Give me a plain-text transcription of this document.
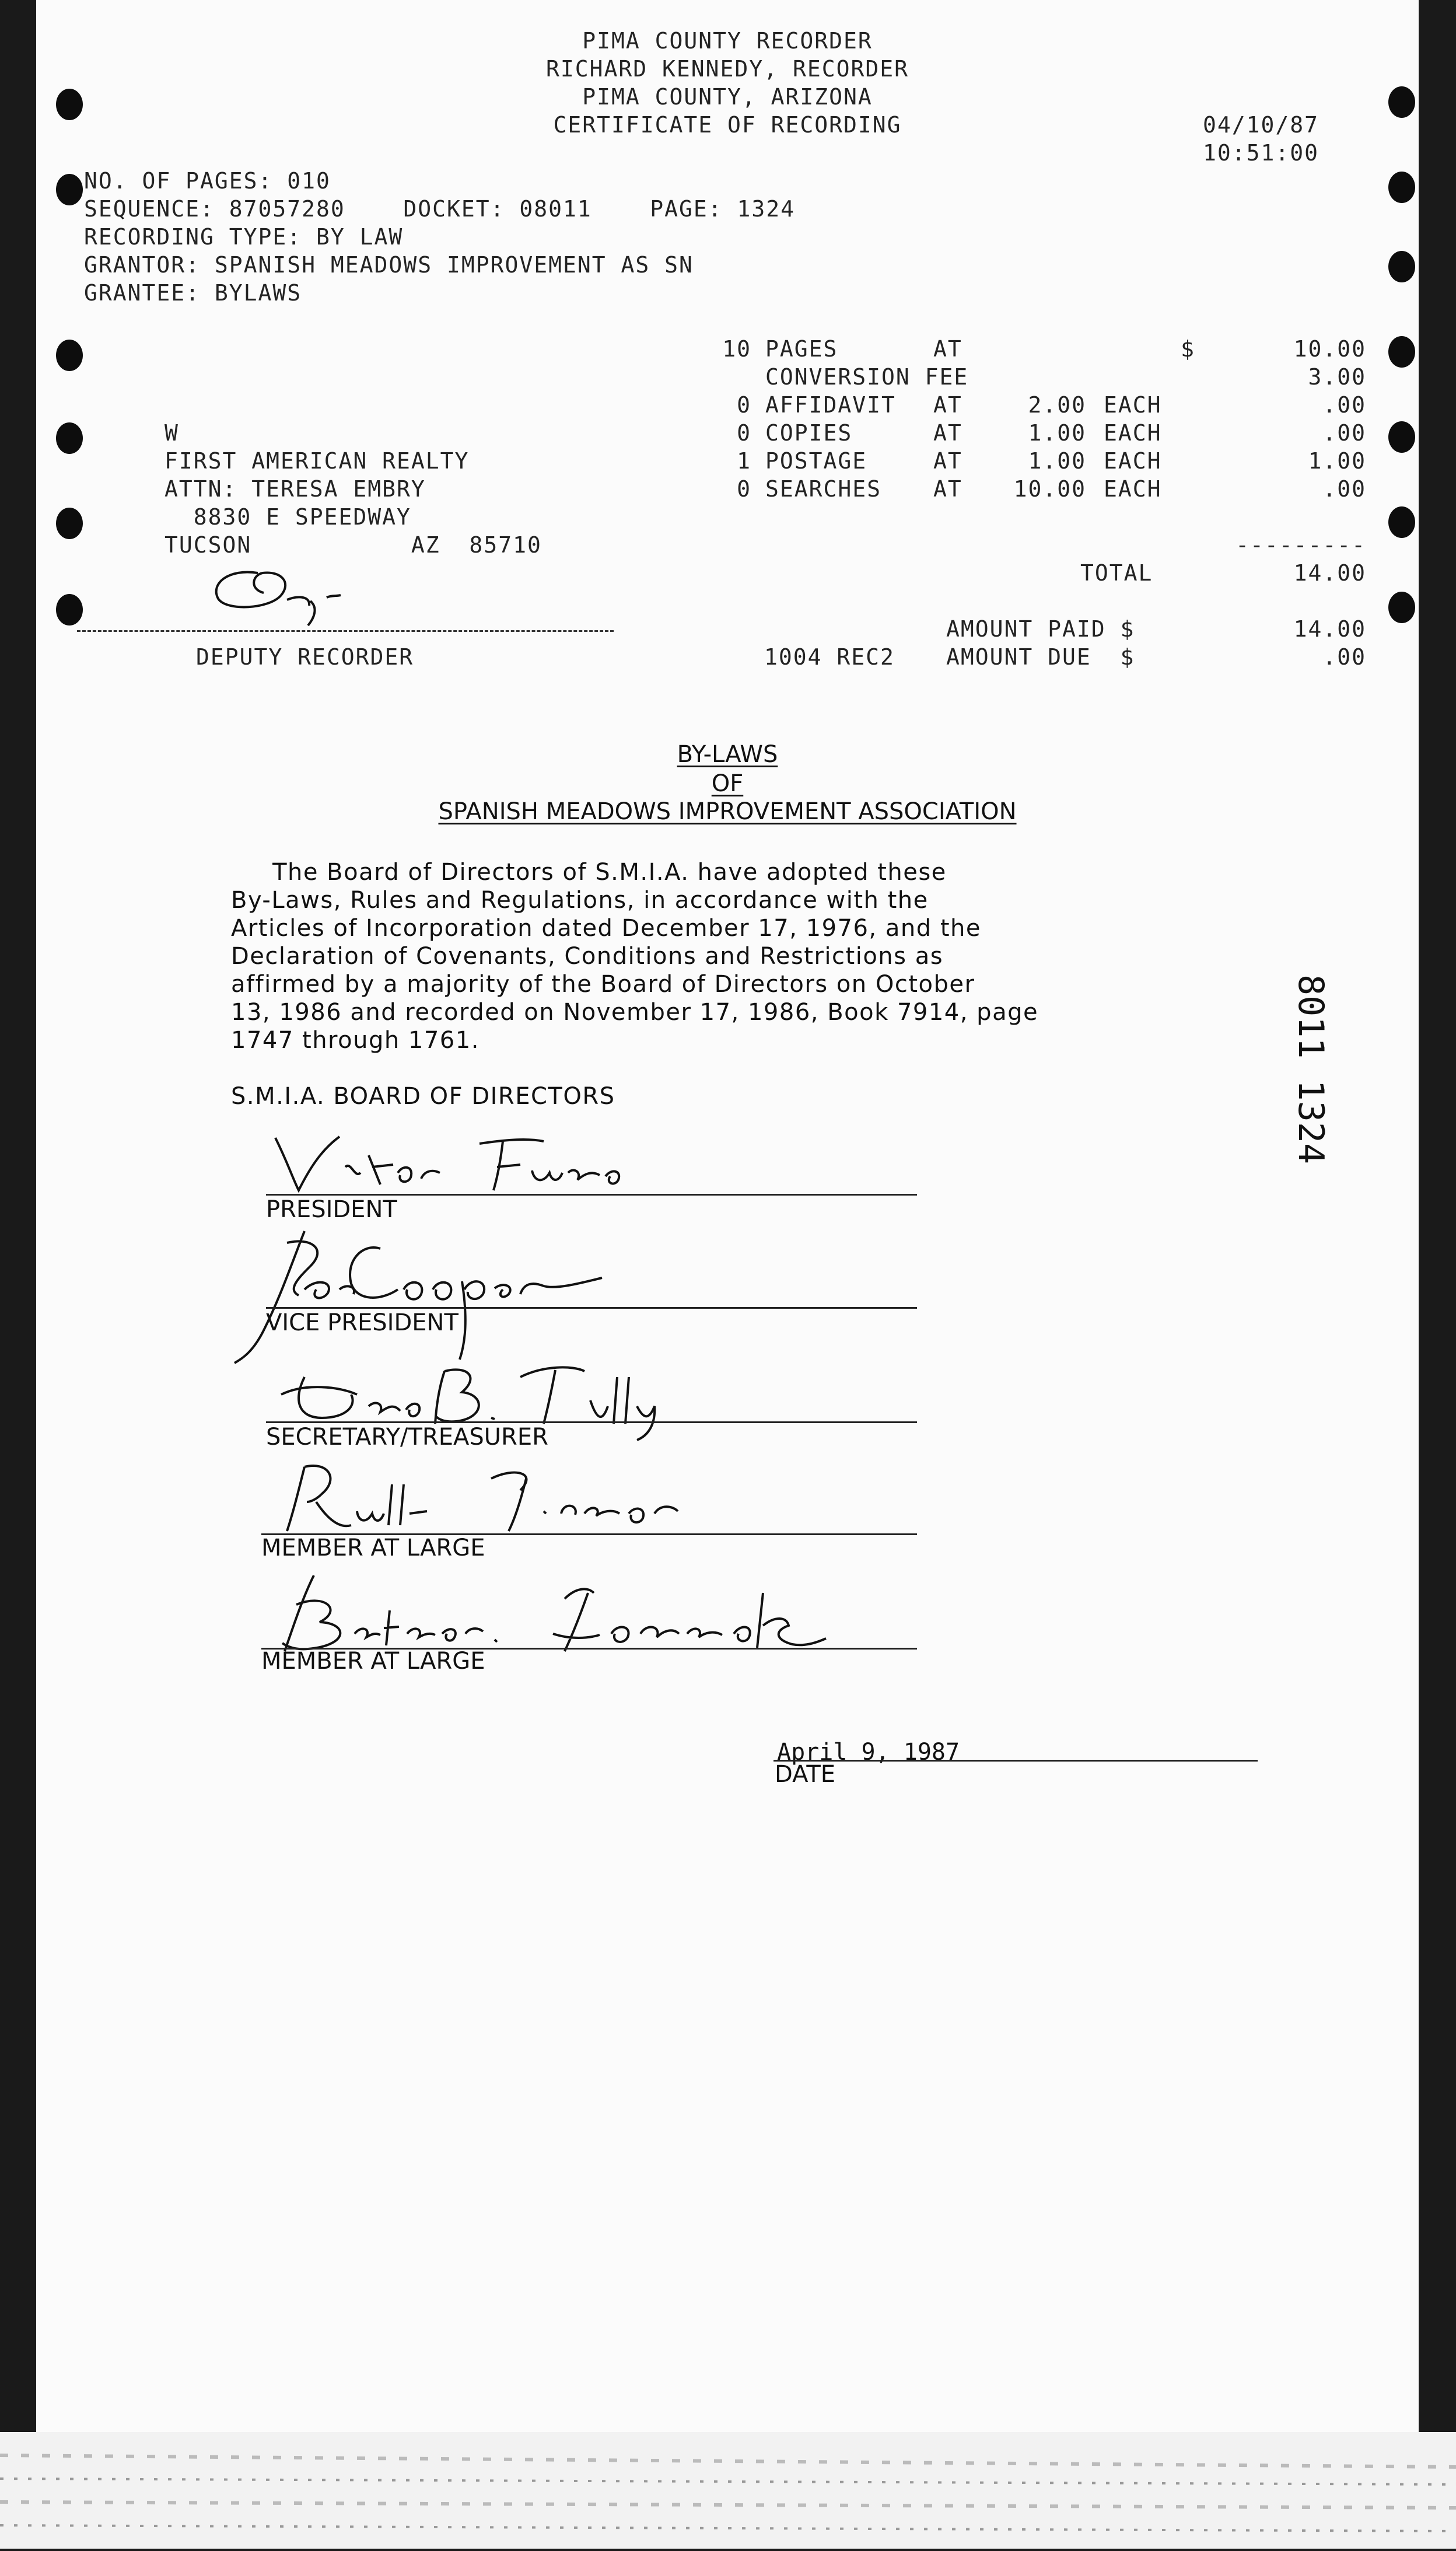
PIMA COUNTY RECORDER
RICHARD KENNEDY, RECORDER
PIMA COUNTY, ARIZONA
CERTIFICATE OF RECORDING	04/10/87
10:51:00
NO. OF PAGES: 010
SEQUENCE: 87057280    DOCKET: 08011    PAGE: 1324
RECORDING TYPE: BY LAW
GRANTOR: SPANISH MEADOWS IMPROVEMENT AS SN
GRANTEE: BYLAWS
10 PAGES	AT	$	10.00
CONVERSION FEE	3.00
0 AFFIDAVIT AT	2.00 EACH	.00
0 COPIES	AT	1.00 EACH	.00
1 POSTAGE	AT	1.00 EACH	1.00
0 SEARCHES AT	10.00 EACH	.00
W
FIRST AMERICAN REALTY
ATTN: TERESA EMBRY
8830 E SPEEDWAY
TUCSON           AZ  85710	---------
TOTAL	14.00
AMOUNT PAID $	14.00
DEPUTY RECORDER	1004 REC2 AMOUNT DUE  $	.00
8011 1324
BY-LAWS
OF
SPANISH MEADOWS IMPROVEMENT ASSOCIATION
The Board of Directors of S.M.I.A. have adopted these
By-Laws, Rules and Regulations, in accordance with the
Articles of Incorporation dated December 17, 1976, and the
Declaration of Covenants, Conditions and Restrictions as
affirmed by a majority of the Board of Directors on October
13, 1986 and recorded on November 17, 1986, Book 7914, page
1747 through 1761.
S.M.I.A. BOARD OF DIRECTORS
PRESIDENT
VICE PRESIDENT
SECRETARY/TREASURER
MEMBER AT LARGE
MEMBER AT LARGE
April 9, 1987
DATE
